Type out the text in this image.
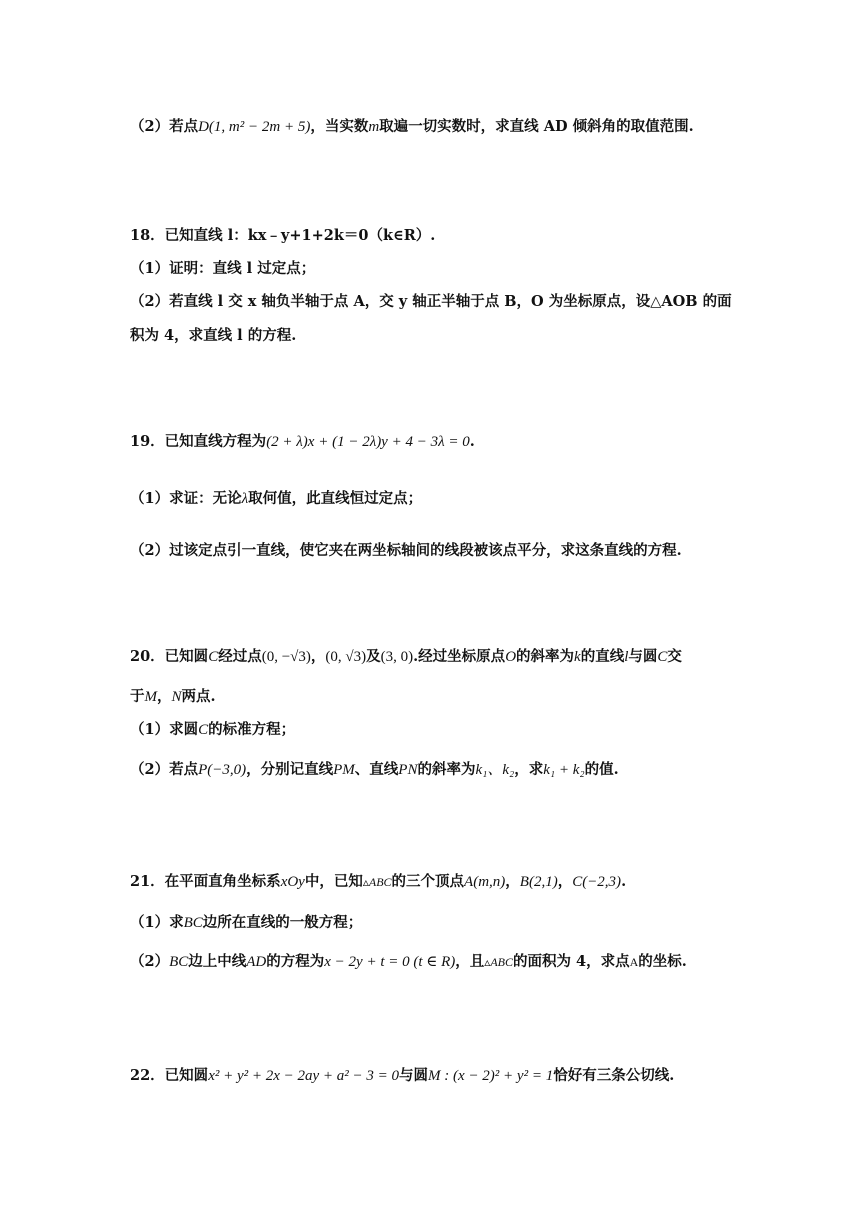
（2）若点D(1, m² − 2m + 5)，当实数m取遍一切实数时，求直线 AD 倾斜角的取值范围.
18．已知直线 l：kx﹣y+1+2k＝0（k∈R）.
（1）证明：直线 l 过定点；
（2）若直线 l 交 x 轴负半轴于点 A，交 y 轴正半轴于点 B，O 为坐标原点，设△AOB 的面
积为 4，求直线 l 的方程.
19．已知直线方程为(2 + λ)x + (1 − 2λ)y + 4 − 3λ = 0.
（1）求证：无论λ取何值，此直线恒过定点；
（2）过该定点引一直线，使它夹在两坐标轴间的线段被该点平分，求这条直线的方程.
20．已知圆C经过点(0, −√3)，(0, √3)及(3, 0).经过坐标原点O的斜率为k的直线l与圆C交
于M，N两点.
（1）求圆C的标准方程；
（2）若点P(−3,0)，分别记直线PM、直线PN的斜率为k₁、k₂，求k₁ + k₂的值.
21．在平面直角坐标系xOy中，已知▵ABC的三个顶点A(m,n)，B(2,1)，C(−2,3).
（1）求BC边所在直线的一般方程；
（2）BC边上中线AD的方程为x − 2y + t = 0 (t ∈ R)，且▵ABC的面积为 4，求点A的坐标.
22．已知圆x² + y² + 2x − 2ay + a² − 3 = 0与圆M : (x − 2)² + y² = 1恰好有三条公切线.
